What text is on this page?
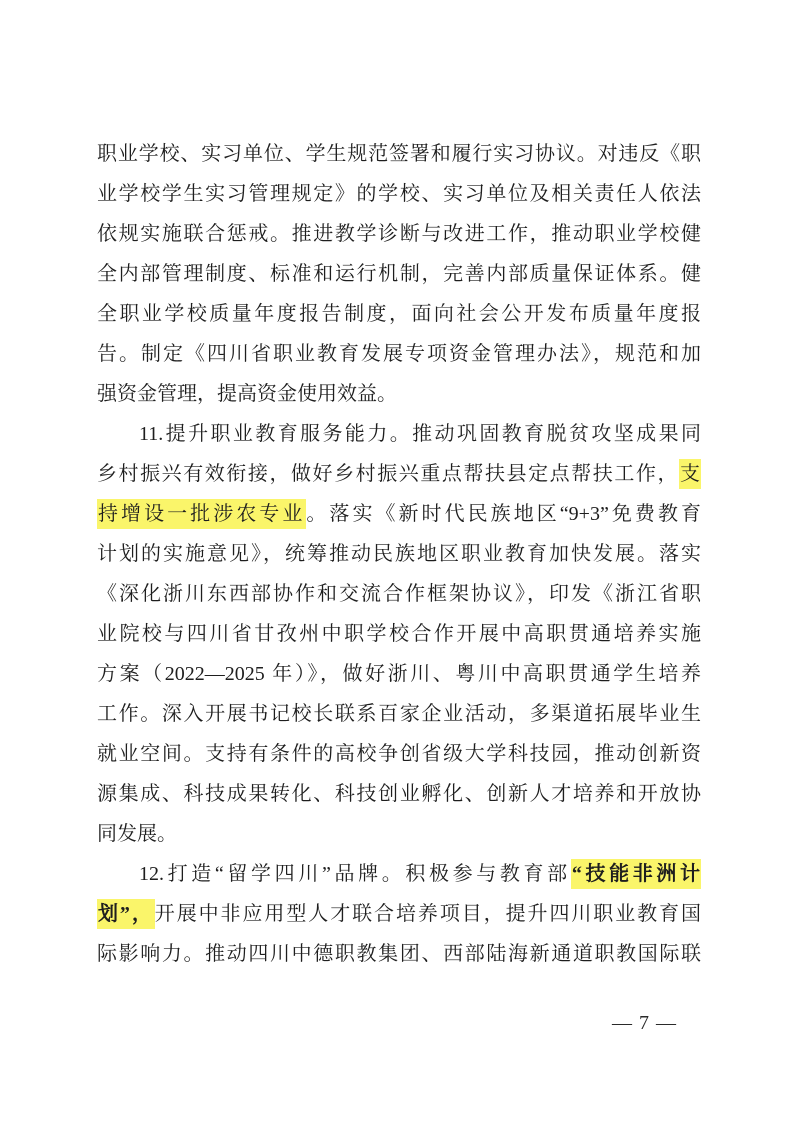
职业学校、实习单位、学生规范签署和履行实习协议。对违反《职
业学校学生实习管理规定》的学校、实习单位及相关责任人依法
依规实施联合惩戒。推进教学诊断与改进工作，推动职业学校健
全内部管理制度、标准和运行机制，完善内部质量保证体系。健
全职业学校质量年度报告制度，面向社会公开发布质量年度报
告。制定《四川省职业教育发展专项资金管理办法》，规范和加
强资金管理，提高资金使用效益。
11.提升职业教育服务能力。推动巩固教育脱贫攻坚成果同
乡村振兴有效衔接，做好乡村振兴重点帮扶县定点帮扶工作，支
持增设一批涉农专业。落实《新时代民族地区“9+3”免费教育
计划的实施意见》，统筹推动民族地区职业教育加快发展。落实
《深化浙川东西部协作和交流合作框架协议》，印发《浙江省职
业院校与四川省甘孜州中职学校合作开展中高职贯通培养实施
方案（2022—2025 年）》，做好浙川、粤川中高职贯通学生培养
工作。深入开展书记校长联系百家企业活动，多渠道拓展毕业生
就业空间。支持有条件的高校争创省级大学科技园，推动创新资
源集成、科技成果转化、科技创业孵化、创新人才培养和开放协
同发展。
12.打造“留学四川”品牌。积极参与教育部“技能非洲计
划”，开展中非应用型人才联合培养项目，提升四川职业教育国
际影响力。推动四川中德职教集团、西部陆海新通道职教国际联
— 7 —
